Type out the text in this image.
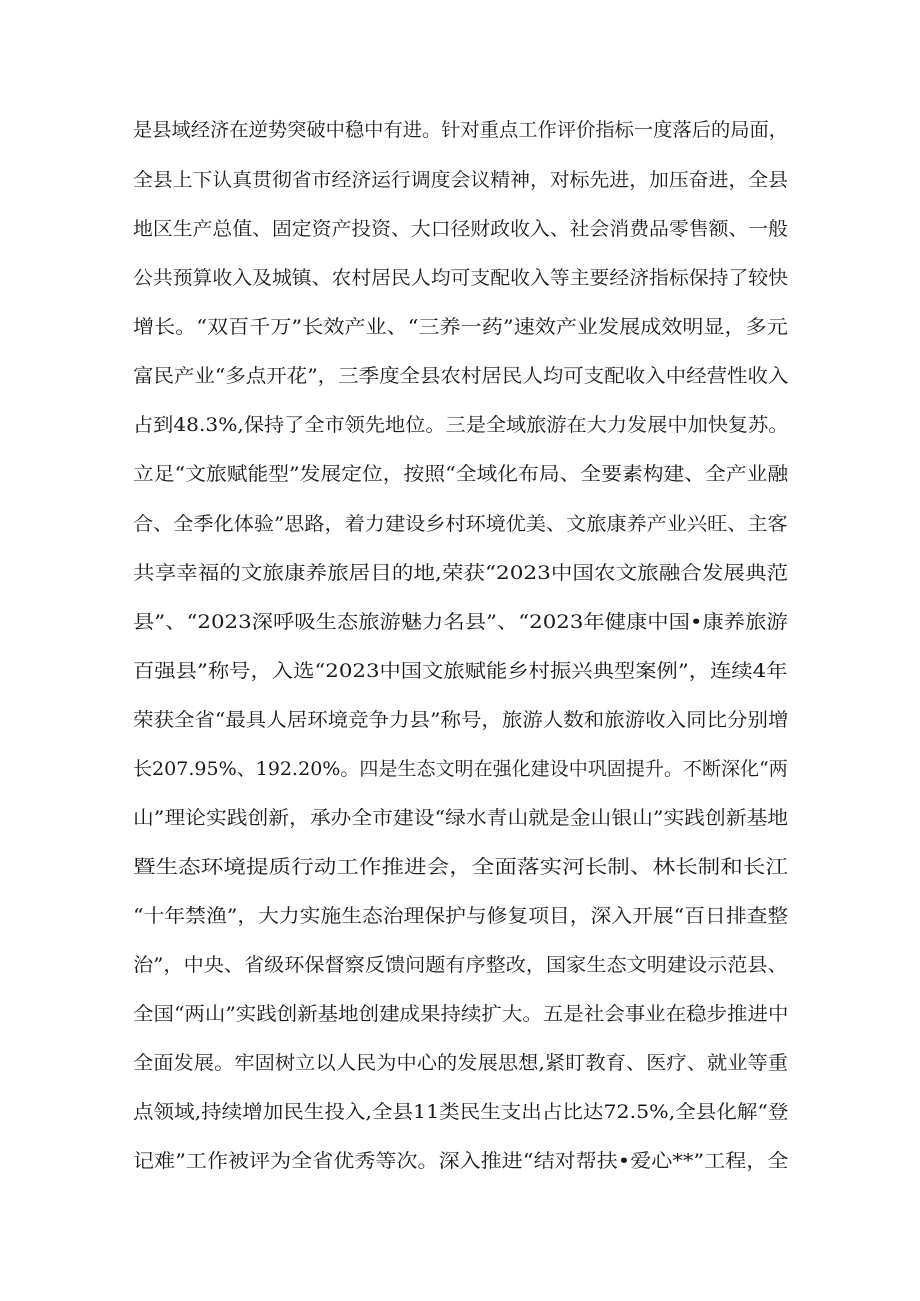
是县域经济在逆势突破中稳中有进。针对重点工作评价指标一度落后的局面，
全县上下认真贯彻省市经济运行调度会议精神，对标先进，加压奋进，全县
地区生产总值、固定资产投资、大口径财政收入、社会消费品零售额、一般
公共预算收入及城镇、农村居民人均可支配收入等主要经济指标保持了较快
增长。“双百千万”长效产业、“三养一药”速效产业发展成效明显，多元
富民产业“多点开花”，三季度全县农村居民人均可支配收入中经营性收入
占到48.3%,保持了全市领先地位。三是全域旅游在大力发展中加快复苏。
立足“文旅赋能型”发展定位，按照“全域化布局、全要素构建、全产业融
合、全季化体验”思路，着力建设乡村环境优美、文旅康养产业兴旺、主客
共享幸福的文旅康养旅居目的地,荣获“2023中国农文旅融合发展典范
县”、“2023深呼吸生态旅游魅力名县”、“2023年健康中国•康养旅游
百强县”称号，入选“2023中国文旅赋能乡村振兴典型案例”，连续4年
荣获全省“最具人居环境竞争力县”称号，旅游人数和旅游收入同比分别增
长207.95%、192.20%。四是生态文明在强化建设中巩固提升。不断深化“两
山”理论实践创新，承办全市建设“绿水青山就是金山银山”实践创新基地
暨生态环境提质行动工作推进会，全面落实河长制、林长制和长江
“十年禁渔”，大力实施生态治理保护与修复项目，深入开展“百日排查整
治”，中央、省级环保督察反馈问题有序整改，国家生态文明建设示范县、
全国“两山”实践创新基地创建成果持续扩大。五是社会事业在稳步推进中
全面发展。牢固树立以人民为中心的发展思想,紧盯教育、医疗、就业等重
点领域,持续增加民生投入,全县11类民生支出占比达72.5%,全县化解“登
记难”工作被评为全省优秀等次。深入推进“结对帮扶•爱心**”工程，全
